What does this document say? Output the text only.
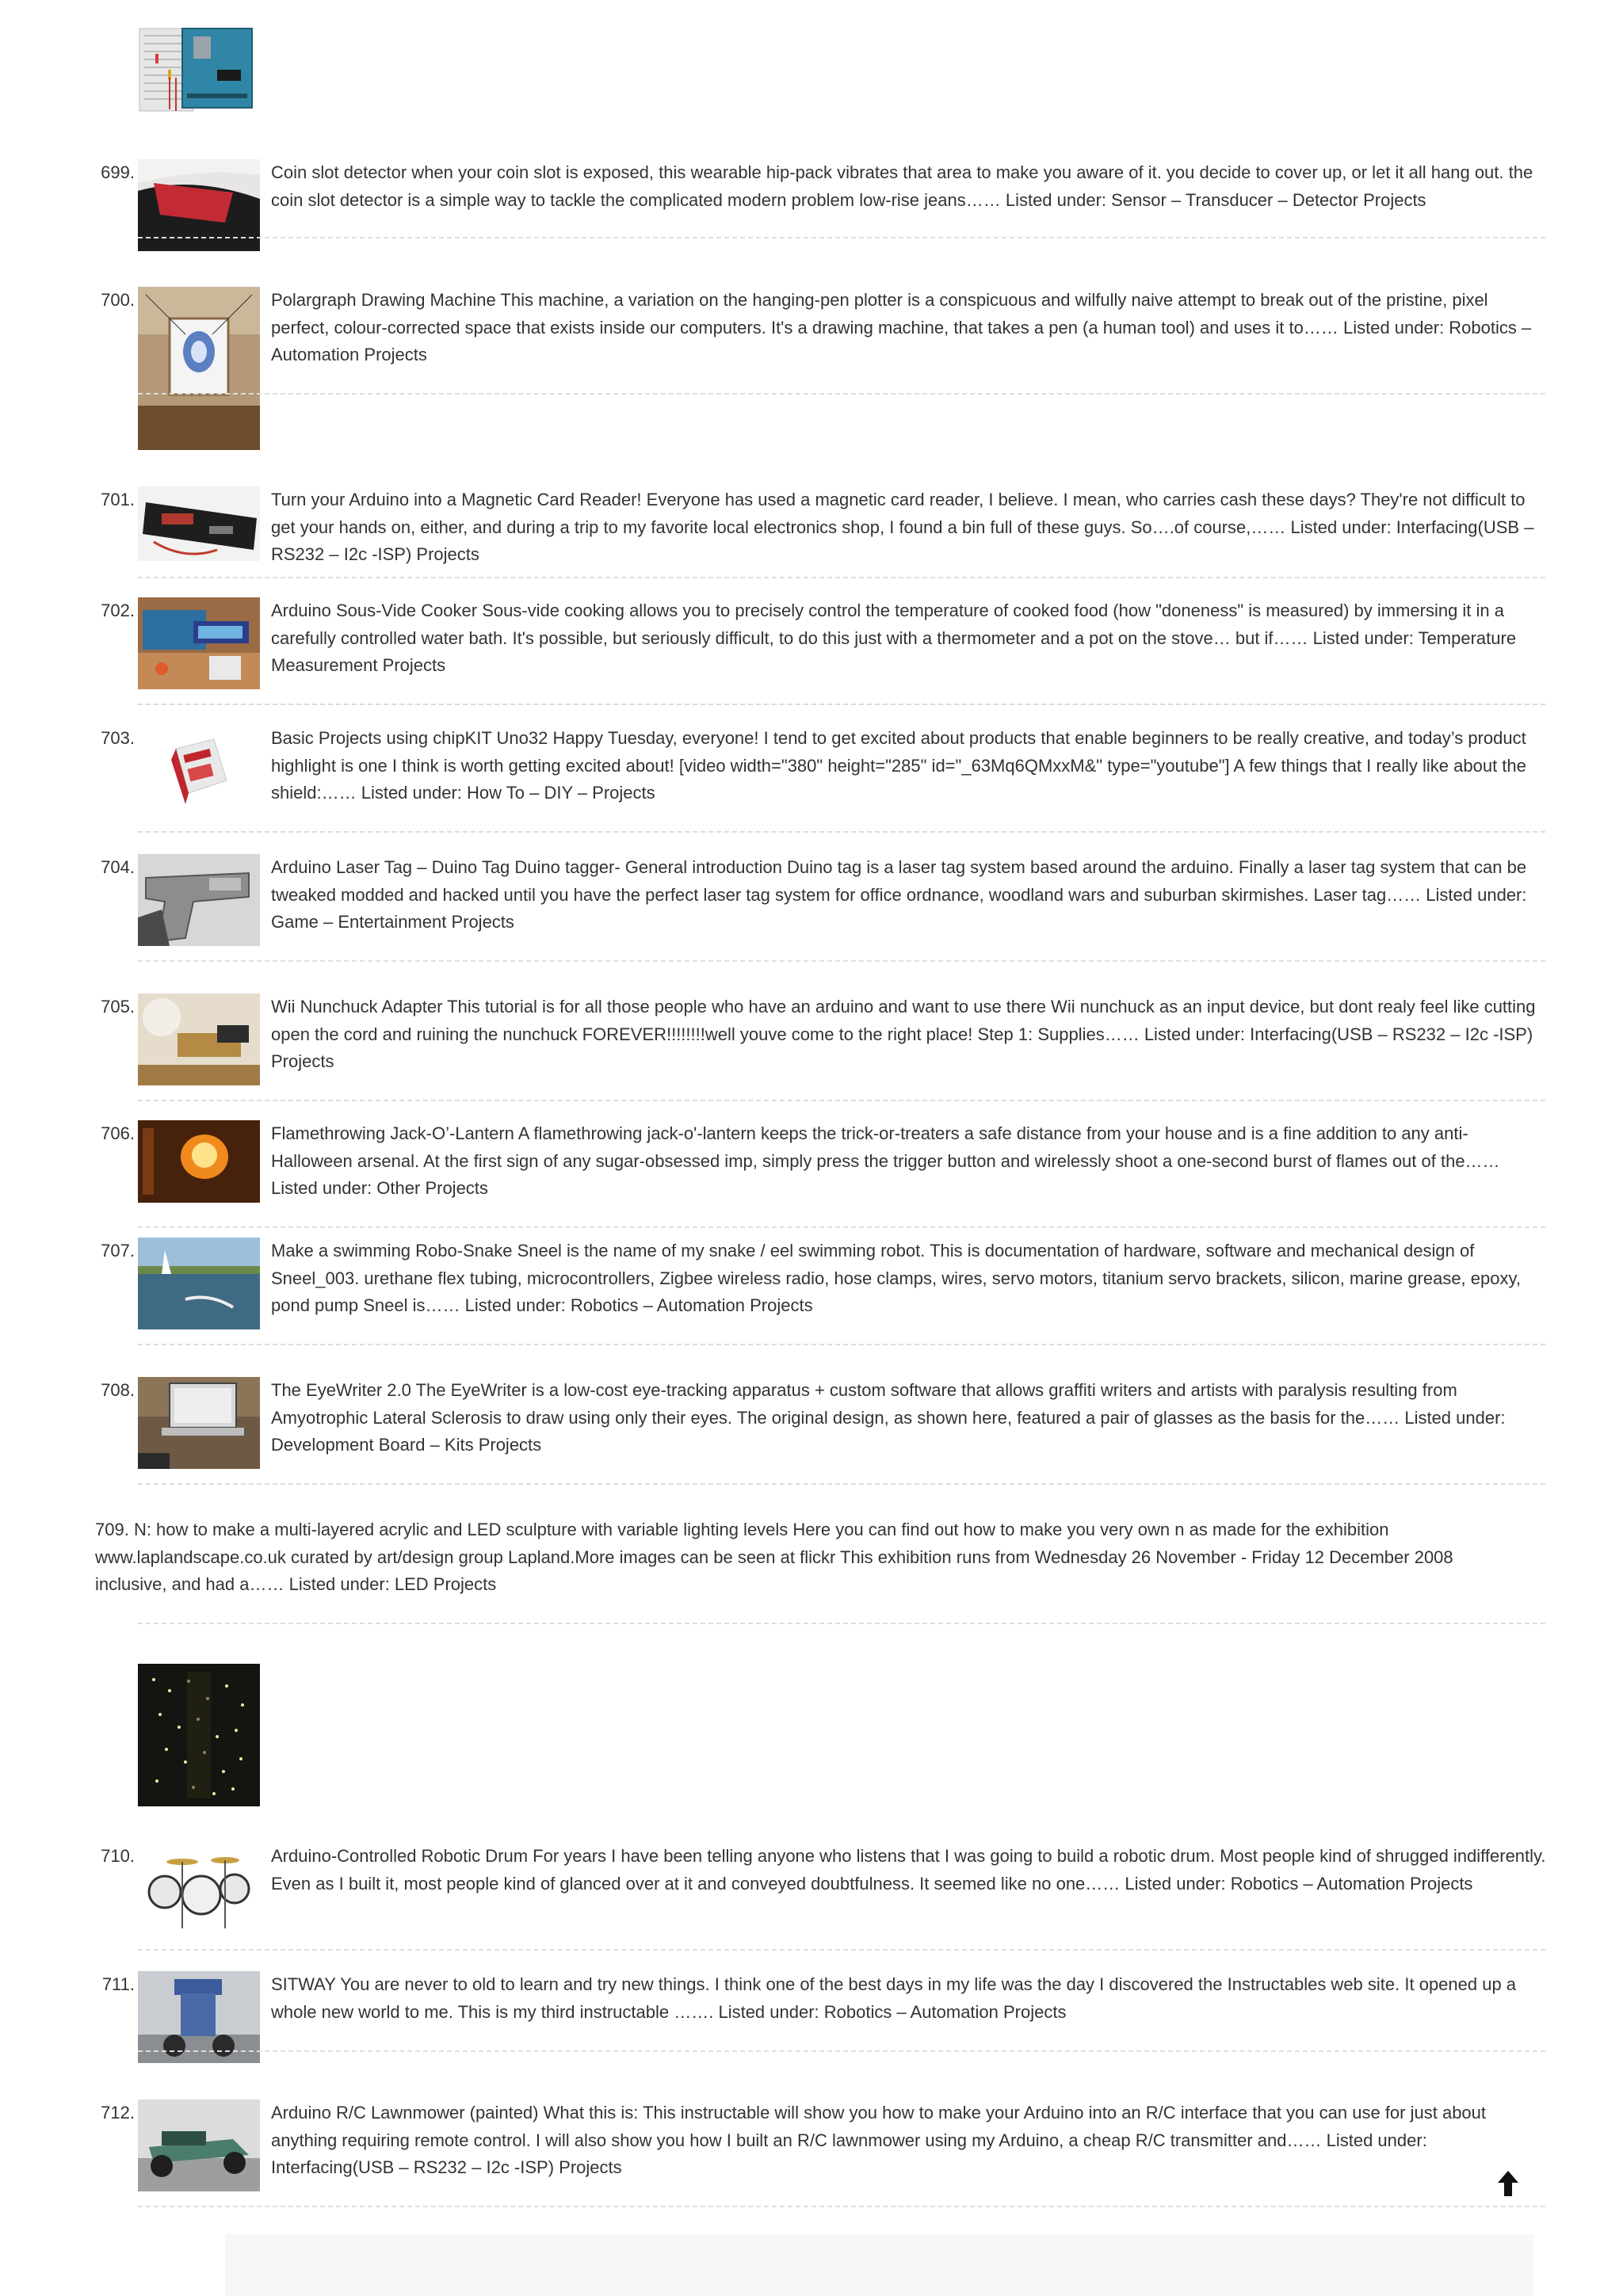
699.	Coin slot detector when your coin slot is exposed, this wearable hip-pack vibrates that area to make you aware of it. you decide to cover up, or let it all hang out. the coin slot detector is a simple way to tackle the complicated modern problem low-rise jeans…… Listed under: Sensor – Transducer – Detector Projects

700.	Polargraph Drawing Machine This machine, a variation on the hanging-pen plotter is a conspicuous and wilfully naive attempt to break out of the pristine, pixel perfect, colour-corrected space that exists inside our computers. It's a drawing machine, that takes a pen (a human tool) and uses it to…… Listed under: Robotics – Automation Projects

701.	Turn your Arduino into a Magnetic Card Reader! Everyone has used a magnetic card reader, I believe. I mean, who carries cash these days? They're not difficult to get your hands on, either, and during a trip to my favorite local electronics shop, I found a bin full of these guys. So….of course,…… Listed under: Interfacing(USB – RS232 – I2c -ISP) Projects

702.	Arduino Sous-Vide Cooker Sous-vide cooking allows you to precisely control the temperature of cooked food (how "doneness" is measured) by immersing it in a carefully controlled water bath. It's possible, but seriously difficult, to do this just with a thermometer and a pot on the stove… but if…… Listed under: Temperature Measurement Projects

703.	Basic Projects using chipKIT Uno32 Happy Tuesday, everyone! I tend to get excited about products that enable beginners to be really creative, and today’s product highlight is one I think is worth getting excited about! [video width="380" height="285" id="_63Mq6QMxxM&" type="youtube"] A few things that I really like about the shield:…… Listed under: How To – DIY – Projects

704.	Arduino Laser Tag – Duino Tag Duino tagger- General introduction Duino tag is a laser tag system based around the arduino. Finally a laser tag system that can be tweaked modded and hacked until you have the perfect laser tag system for office ordnance, woodland wars and suburban skirmishes. Laser tag…… Listed under: Game – Entertainment Projects

705.	Wii Nunchuck Adapter This tutorial is for all those people who have an arduino and want to use there Wii nunchuck as an input device, but dont realy feel like cutting open the cord and ruining the nunchuck FOREVER!!!!!!!!well youve come to the right place! Step 1: Supplies…… Listed under: Interfacing(USB – RS232 – I2c -ISP) Projects

706.	Flamethrowing Jack-O’-Lantern A flamethrowing jack-o'-lantern keeps the trick-or-treaters a safe distance from your house and is a fine addition to any anti-Halloween arsenal. At the first sign of any sugar-obsessed imp, simply press the trigger button and wirelessly shoot a one-second burst of flames out of the…… Listed under: Other Projects

707.	Make a swimming Robo-Snake Sneel is the name of my snake / eel swimming robot. This is documentation of hardware, software and mechanical design of Sneel_003. urethane flex tubing, microcontrollers, Zigbee wireless radio, hose clamps, wires, servo motors, titanium servo brackets, silicon, marine grease, epoxy, pond pump Sneel is…… Listed under: Robotics – Automation Projects

708.	The EyeWriter 2.0 The EyeWriter is a low-cost eye-tracking apparatus + custom software that allows graffiti writers and artists with paralysis resulting from Amyotrophic Lateral Sclerosis to draw using only their eyes. The original design, as shown here, featured a pair of glasses as the basis for the…… Listed under: Development Board – Kits Projects

709. N: how to make a multi-layered acrylic and LED sculpture with variable lighting levels Here you can find out how to make you very own n as made for the exhibition www.laplandscape.co.uk curated by art/design group Lapland.More images can be seen at flickr This exhibition runs from Wednesday 26 November - Friday 12 December 2008 inclusive, and had a…… Listed under: LED Projects
710.	Arduino-Controlled Robotic Drum For years I have been telling anyone who listens that I was going to build a robotic drum. Most people kind of shrugged indifferently. Even as I built it, most people kind of glanced over at it and conveyed doubtfulness. It seemed like no one…… Listed under: Robotics – Automation Projects

711.	SITWAY You are never to old to learn and try new things. I think one of the best days in my life was the day I discovered the Instructables web site. It opened up a whole new world to me. This is my third instructable ……. Listed under: Robotics – Automation Projects

712.	Arduino R/C Lawnmower (painted) What this is: This instructable will show you how to make your Arduino into an R/C interface that you can use for just about anything requiring remote control. I will also show you how I built an R/C lawnmower using my Arduino, a cheap R/C transmitter and…… Listed under: Interfacing(USB – RS232 – I2c -ISP) Projects
